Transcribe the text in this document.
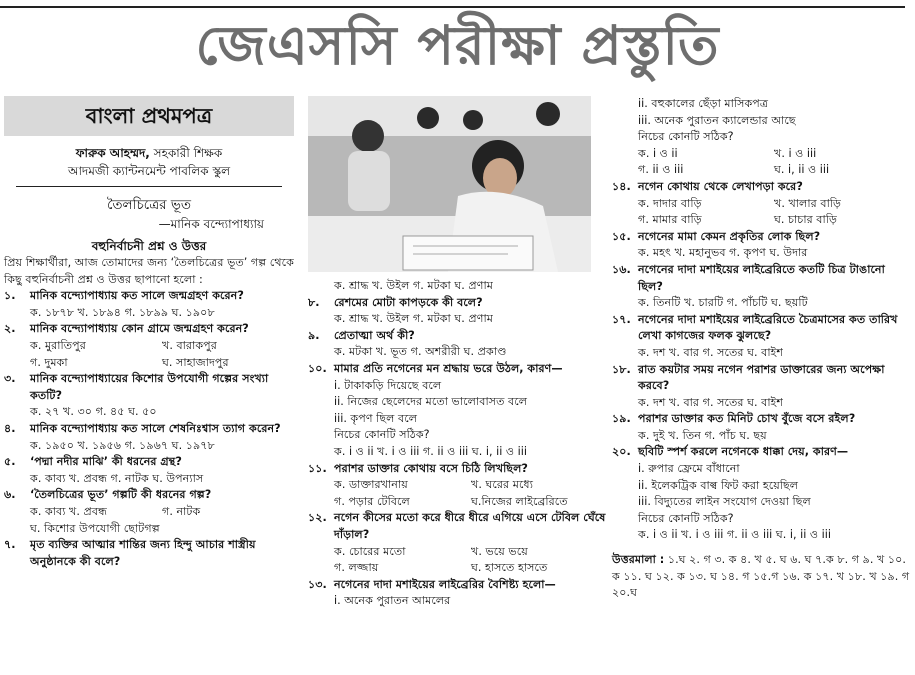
জেএসসি পরীক্ষা প্রস্তুতি
বাংলা প্রথমপত্র
ফারুক আহম্মদ, সহকারী শিক্ষক
আদমজী ক্যান্টনমেন্ট পাবলিক স্কুল
তৈলচিত্রের ভূত
—মানিক বন্দ্যোপাধ্যায়
বহুনির্বাচনী প্রশ্ন ও উত্তর
প্রিয় শিক্ষার্থীরা, আজ তোমাদের জন্য ‘তৈলচিত্রের ভূত’ গল্প থেকে কিছু বহুনির্বাচনী প্রশ্ন ও উত্তর ছাপানো হলো :
১.	মানিক বন্দ্যোপাধ্যায় কত সালে জন্মগ্রহণ করেন?
ক. ১৮৭৮ খ. ১৮৯৪ গ. ১৮৯৯ ঘ. ১৯০৮
২.	মানিক বন্দ্যোপাধ্যায় কোন গ্রামে জন্মগ্রহণ করেন?
ক. মুরাতিপুর	খ. বারাকপুর
গ. দুমকা	ঘ. সাহাজাদপুর
৩.	মানিক বন্দ্যোপাধ্যায়ের কিশোর উপযোগী গল্পের সংখ্যা কতটি?
ক. ২৭ খ. ৩০ গ. ৪৫ ঘ. ৫০
৪.	মানিক বন্দ্যোপাধ্যায় কত সালে শেষনিঃশ্বাস ত্যাগ করেন?
ক. ১৯৫০ খ. ১৯৫৬ গ. ১৯৬৭ ঘ. ১৯৭৮
৫.	‘পদ্মা নদীর মাঝি’ কী ধরনের গ্রন্থ?
ক. কাব্য খ. প্রবন্ধ গ. নাটক ঘ. উপন্যাস
৬.	‘তৈলচিত্রের ভূত’ গল্পটি কী ধরনের গল্প?
ক. কাব্য খ. প্রবন্ধ	গ. নাটক
ঘ. কিশোর উপযোগী ছোটগল্প
৭.	মৃত ব্যক্তির আত্মার শান্তির জন্য হিন্দু আচার শাস্ত্রীয় অনুষ্ঠানকে কী বলে?
ক. শ্রাদ্ধ খ. উইল গ. মটকা ঘ. প্রণাম
৮.	রেশমের মোটা কাপড়কে কী বলে?
ক. শ্রাদ্ধ খ. উইল গ. মটকা ঘ. প্রণাম
৯.	প্রেতাত্মা অর্থ কী?
ক. মটকা খ. ভূত গ. অশরীরী ঘ. প্রকাণ্ড
১০. মামার প্রতি নগেনের মন শ্রদ্ধায় ভরে উঠল, কারণ—
i. টাকাকড়ি দিয়েছে বলে
ii. নিজের ছেলেদের মতো ভালোবাসত বলে
iii. কৃপণ ছিল বলে
নিচের কোনটি সঠিক?
ক. i ও ii খ. i ও iii গ. ii ও iii ঘ. i, ii ও iii
১১. পরাশর ডাক্তার কোথায় বসে চিঠি লিখছিল?
ক. ডাক্তারখানায়	খ. ঘরের মধ্যে
গ. পড়ার টেবিলে	ঘ.নিজের লাইব্রেরিতে
১২. নগেন কীসের মতো করে ধীরে ধীরে এগিয়ে এসে টেবিল ঘেঁষে দাঁড়াল?
ক. চোরের মতো	খ. ভয়ে ভয়ে
গ. লজ্জায়	ঘ. হাসতে হাসতে
১৩. নগেনের দাদা মশাইয়ের লাইব্রেরির বৈশিষ্ট্য হলো—
i. অনেক পুরাতন আমলের
ii. বহুকালের ছেঁড়া মাসিকপত্র
iii. অনেক পুরাতন ক্যালেন্ডার আছে
নিচের কোনটি সঠিক?
ক. i ও ii	খ. i ও iii
গ. ii ও iii	ঘ. i, ii ও iii
১৪. নগেন কোথায় থেকে লেখাপড়া করে?
ক. দাদার বাড়ি	খ. খালার বাড়ি
গ. মামার বাড়ি	ঘ. চাচার বাড়ি
১৫. নগেনের মামা কেমন প্রকৃতির লোক ছিল?
ক. মহৎ খ. মহানুভব গ. কৃপণ ঘ. উদার
১৬. নগেনের দাদা মশাইয়ের লাইব্রেরিতে কতটি চিত্র টাঙানো ছিল?
ক. তিনটি খ. চারটি গ. পাঁচটি ঘ. ছয়টি
১৭. নগেনের দাদা মশাইয়ের লাইব্রেরিতে চৈত্রমাসের কত তারিখ লেখা কাগজের ফলক ঝুলছে?
ক. দশ খ. বার গ. সতের ঘ. বাইশ
১৮. রাত কয়টার সময় নগেন পরাশর ডাক্তারের জন্য অপেক্ষা করবে?
ক. দশ খ. বার গ. সতের ঘ. বাইশ
১৯. পরাশর ডাক্তার কত মিনিট চোখ বুঁজে বসে রইল?
ক. দুই খ. তিন গ. পাঁচ ঘ. ছয়
২০. ছবিটি স্পর্শ করলে নগেনকে ধাক্কা দেয়, কারণ—
i. রুপার ফ্রেমে বাঁধানো
ii. ইলেকট্রিক বাল্ব ফিট করা হয়েছিল
iii. বিদ্যুতের লাইন সংযোগ দেওয়া ছিল
নিচের কোনটি সঠিক?
ক. i ও ii খ. i ও iii গ. ii ও iii ঘ. i, ii ও iii
উত্তরমালা : ১.ঘ ২. গ ৩. ক ৪. খ ৫. ঘ ৬. ঘ ৭.ক ৮. গ ৯. খ ১০. ক ১১. ঘ ১২. ক ১৩. ঘ ১৪. গ ১৫.গ ১৬. ক ১৭. খ ১৮. খ ১৯. গ ২০.ঘ
